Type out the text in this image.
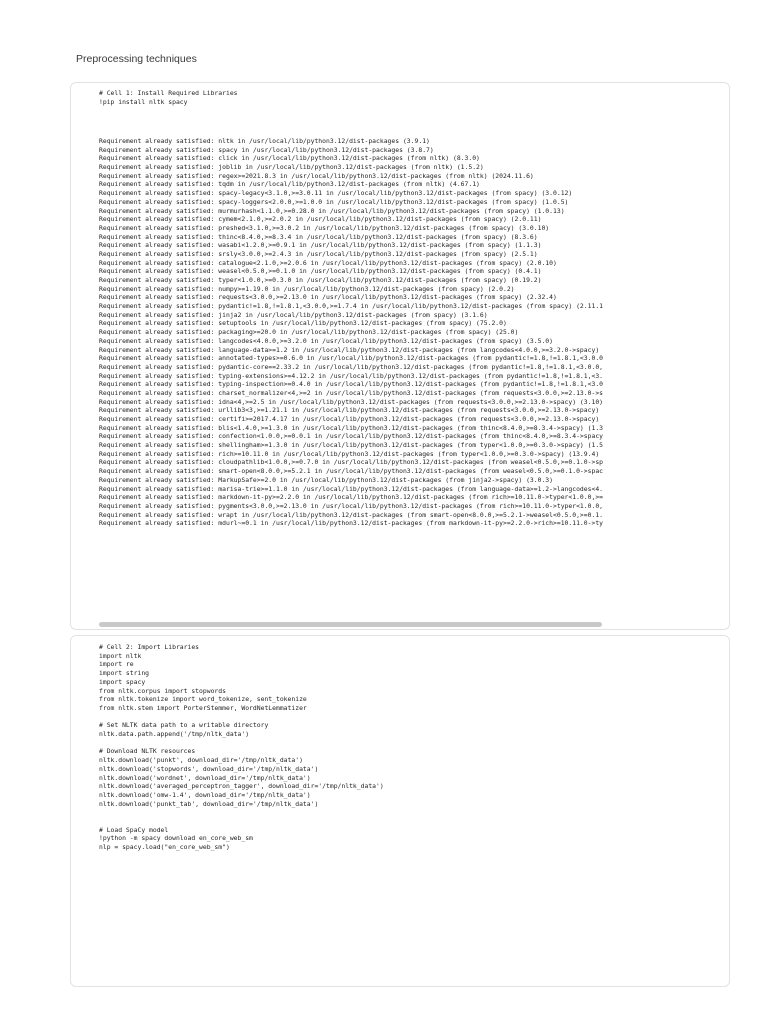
Preprocessing techniques
# Cell 1: Install Required Libraries
!pip install nltk spacy
Requirement already satisfied: nltk in /usr/local/lib/python3.12/dist-packages (3.9.1)
Requirement already satisfied: spacy in /usr/local/lib/python3.12/dist-packages (3.8.7)
Requirement already satisfied: click in /usr/local/lib/python3.12/dist-packages (from nltk) (8.3.0)
Requirement already satisfied: joblib in /usr/local/lib/python3.12/dist-packages (from nltk) (1.5.2)
Requirement already satisfied: regex>=2021.8.3 in /usr/local/lib/python3.12/dist-packages (from nltk) (2024.11.6)
Requirement already satisfied: tqdm in /usr/local/lib/python3.12/dist-packages (from nltk) (4.67.1)
Requirement already satisfied: spacy-legacy<3.1.0,>=3.0.11 in /usr/local/lib/python3.12/dist-packages (from spacy) (3.0.12)
Requirement already satisfied: spacy-loggers<2.0.0,>=1.0.0 in /usr/local/lib/python3.12/dist-packages (from spacy) (1.0.5)
Requirement already satisfied: murmurhash<1.1.0,>=0.28.0 in /usr/local/lib/python3.12/dist-packages (from spacy) (1.0.13)
Requirement already satisfied: cymem<2.1.0,>=2.0.2 in /usr/local/lib/python3.12/dist-packages (from spacy) (2.0.11)
Requirement already satisfied: preshed<3.1.0,>=3.0.2 in /usr/local/lib/python3.12/dist-packages (from spacy) (3.0.10)
Requirement already satisfied: thinc<8.4.0,>=8.3.4 in /usr/local/lib/python3.12/dist-packages (from spacy) (8.3.6)
Requirement already satisfied: wasabi<1.2.0,>=0.9.1 in /usr/local/lib/python3.12/dist-packages (from spacy) (1.1.3)
Requirement already satisfied: srsly<3.0.0,>=2.4.3 in /usr/local/lib/python3.12/dist-packages (from spacy) (2.5.1)
Requirement already satisfied: catalogue<2.1.0,>=2.0.6 in /usr/local/lib/python3.12/dist-packages (from spacy) (2.0.10)
Requirement already satisfied: weasel<0.5.0,>=0.1.0 in /usr/local/lib/python3.12/dist-packages (from spacy) (0.4.1)
Requirement already satisfied: typer<1.0.0,>=0.3.0 in /usr/local/lib/python3.12/dist-packages (from spacy) (0.19.2)
Requirement already satisfied: numpy>=1.19.0 in /usr/local/lib/python3.12/dist-packages (from spacy) (2.0.2)
Requirement already satisfied: requests<3.0.0,>=2.13.0 in /usr/local/lib/python3.12/dist-packages (from spacy) (2.32.4)
Requirement already satisfied: pydantic!=1.8,!=1.8.1,<3.0.0,>=1.7.4 in /usr/local/lib/python3.12/dist-packages (from spacy) (2.11.1
Requirement already satisfied: jinja2 in /usr/local/lib/python3.12/dist-packages (from spacy) (3.1.6)
Requirement already satisfied: setuptools in /usr/local/lib/python3.12/dist-packages (from spacy) (75.2.0)
Requirement already satisfied: packaging>=20.0 in /usr/local/lib/python3.12/dist-packages (from spacy) (25.0)
Requirement already satisfied: langcodes<4.0.0,>=3.2.0 in /usr/local/lib/python3.12/dist-packages (from spacy) (3.5.0)
Requirement already satisfied: language-data>=1.2 in /usr/local/lib/python3.12/dist-packages (from langcodes<4.0.0,>=3.2.0->spacy)
Requirement already satisfied: annotated-types>=0.6.0 in /usr/local/lib/python3.12/dist-packages (from pydantic!=1.8,!=1.8.1,<3.0.0
Requirement already satisfied: pydantic-core==2.33.2 in /usr/local/lib/python3.12/dist-packages (from pydantic!=1.8,!=1.8.1,<3.0.0,
Requirement already satisfied: typing-extensions>=4.12.2 in /usr/local/lib/python3.12/dist-packages (from pydantic!=1.8,!=1.8.1,<3.
Requirement already satisfied: typing-inspection>=0.4.0 in /usr/local/lib/python3.12/dist-packages (from pydantic!=1.8,!=1.8.1,<3.0
Requirement already satisfied: charset_normalizer<4,>=2 in /usr/local/lib/python3.12/dist-packages (from requests<3.0.0,>=2.13.0->s
Requirement already satisfied: idna<4,>=2.5 in /usr/local/lib/python3.12/dist-packages (from requests<3.0.0,>=2.13.0->spacy) (3.10)
Requirement already satisfied: urllib3<3,>=1.21.1 in /usr/local/lib/python3.12/dist-packages (from requests<3.0.0,>=2.13.0->spacy)
Requirement already satisfied: certifi>=2017.4.17 in /usr/local/lib/python3.12/dist-packages (from requests<3.0.0,>=2.13.0->spacy)
Requirement already satisfied: blis<1.4.0,>=1.3.0 in /usr/local/lib/python3.12/dist-packages (from thinc<8.4.0,>=8.3.4->spacy) (1.3
Requirement already satisfied: confection<1.0.0,>=0.0.1 in /usr/local/lib/python3.12/dist-packages (from thinc<8.4.0,>=8.3.4->spacy
Requirement already satisfied: shellingham>=1.3.0 in /usr/local/lib/python3.12/dist-packages (from typer<1.0.0,>=0.3.0->spacy) (1.5
Requirement already satisfied: rich>=10.11.0 in /usr/local/lib/python3.12/dist-packages (from typer<1.0.0,>=0.3.0->spacy) (13.9.4)
Requirement already satisfied: cloudpathlib<1.0.0,>=0.7.0 in /usr/local/lib/python3.12/dist-packages (from weasel<0.5.0,>=0.1.0->sp
Requirement already satisfied: smart-open<8.0.0,>=5.2.1 in /usr/local/lib/python3.12/dist-packages (from weasel<0.5.0,>=0.1.0->spac
Requirement already satisfied: MarkupSafe>=2.0 in /usr/local/lib/python3.12/dist-packages (from jinja2->spacy) (3.0.3)
Requirement already satisfied: marisa-trie>=1.1.0 in /usr/local/lib/python3.12/dist-packages (from language-data>=1.2->langcodes<4.
Requirement already satisfied: markdown-it-py>=2.2.0 in /usr/local/lib/python3.12/dist-packages (from rich>=10.11.0->typer<1.0.0,>=
Requirement already satisfied: pygments<3.0.0,>=2.13.0 in /usr/local/lib/python3.12/dist-packages (from rich>=10.11.0->typer<1.0.0,
Requirement already satisfied: wrapt in /usr/local/lib/python3.12/dist-packages (from smart-open<8.0.0,>=5.2.1->weasel<0.5.0,>=0.1.
Requirement already satisfied: mdurl~=0.1 in /usr/local/lib/python3.12/dist-packages (from markdown-it-py>=2.2.0->rich>=10.11.0->ty
# Cell 2: Import Libraries
import nltk
import re
import string
import spacy
from nltk.corpus import stopwords
from nltk.tokenize import word_tokenize, sent_tokenize
from nltk.stem import PorterStemmer, WordNetLemmatizer

# Set NLTK data path to a writable directory
nltk.data.path.append('/tmp/nltk_data')

# Download NLTK resources
nltk.download('punkt', download_dir='/tmp/nltk_data')
nltk.download('stopwords', download_dir='/tmp/nltk_data')
nltk.download('wordnet', download_dir='/tmp/nltk_data')
nltk.download('averaged_perceptron_tagger', download_dir='/tmp/nltk_data')
nltk.download('omw-1.4', download_dir='/tmp/nltk_data')
nltk.download('punkt_tab', download_dir='/tmp/nltk_data')

# Load SpaCy model
!python -m spacy download en_core_web_sm
nlp = spacy.load("en_core_web_sm")
